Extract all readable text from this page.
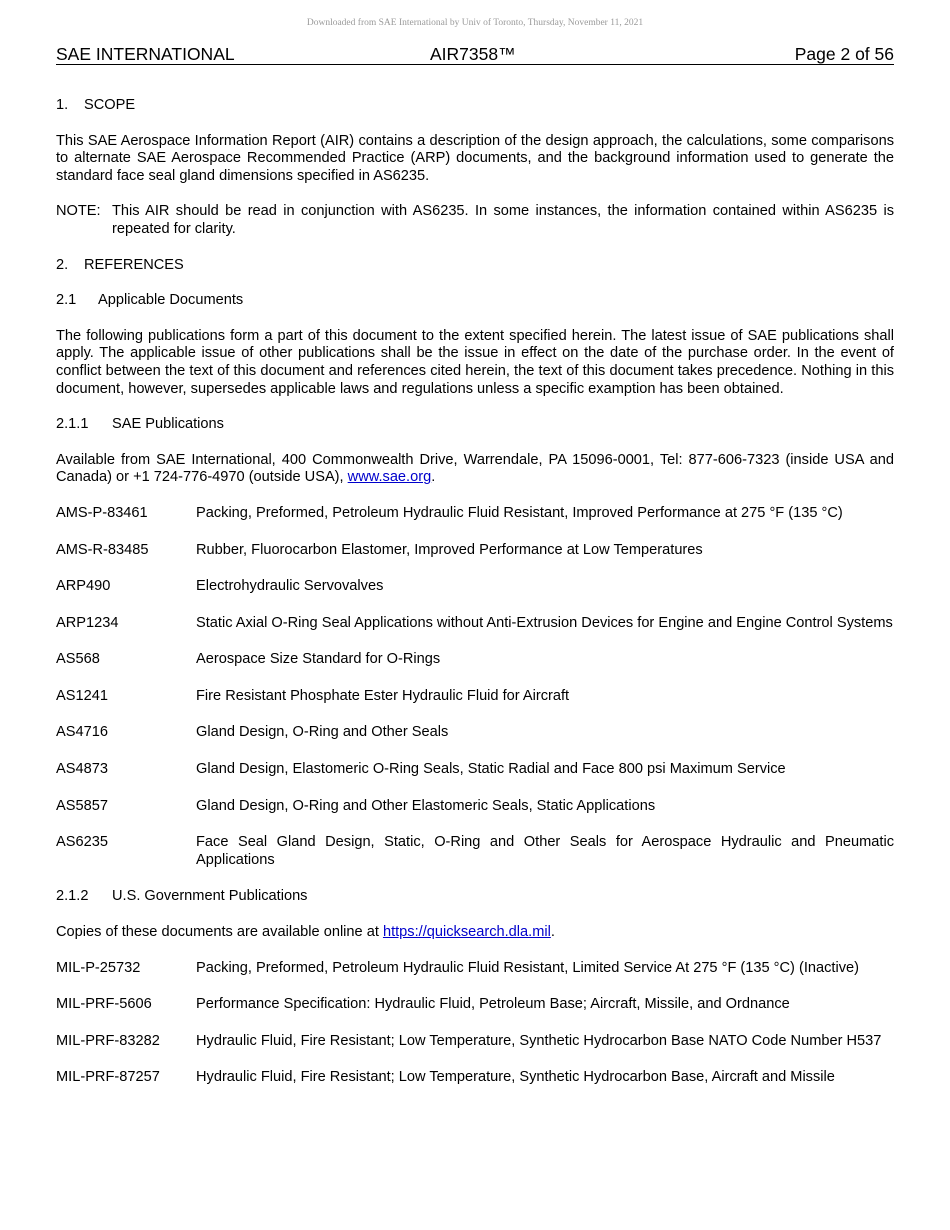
Downloaded from SAE International by Univ of Toronto, Thursday, November 11, 2021
SAE INTERNATIONAL	AIR7358™	Page 2 of 56
1. SCOPE

This SAE Aerospace Information Report (AIR) contains a description of the design approach, the calculations, some comparisons to alternate SAE Aerospace Recommended Practice (ARP) documents, and the background information used to generate the standard face seal gland dimensions specified in AS6235.

NOTE: This AIR should be read in conjunction with AS6235. In some instances, the information contained within AS6235 is repeated for clarity.
2. REFERENCES
2.1 Applicable Documents

The following publications form a part of this document to the extent specified herein. The latest issue of SAE publications shall apply. The applicable issue of other publications shall be the issue in effect on the date of the purchase order. In the event of conflict between the text of this document and references cited herein, the text of this document takes precedence. Nothing in this document, however, supersedes applicable laws and regulations unless a specific examption has been obtained.

2.1.1 SAE Publications

Available from SAE International, 400 Commonwealth Drive, Warrendale, PA 15096-0001, Tel: 877-606-7323 (inside USA and Canada) or +1 724-776-4970 (outside USA), www.sae.org.

AMS-P-83461	Packing, Preformed, Petroleum Hydraulic Fluid Resistant, Improved Performance at 275 °F (135 °C)
AMS-R-83485	Rubber, Fluorocarbon Elastomer, Improved Performance at Low Temperatures
ARP490	Electrohydraulic Servovalves
ARP1234	Static Axial O-Ring Seal Applications without Anti-Extrusion Devices for Engine and Engine Control Systems
AS568	Aerospace Size Standard for O-Rings
AS1241	Fire Resistant Phosphate Ester Hydraulic Fluid for Aircraft
AS4716	Gland Design, O-Ring and Other Seals
AS4873	Gland Design, Elastomeric O-Ring Seals, Static Radial and Face 800 psi Maximum Service
AS5857	Gland Design, O-Ring and Other Elastomeric Seals, Static Applications
AS6235	Face Seal Gland Design, Static, O-Ring and Other Seals for Aerospace Hydraulic and Pneumatic Applications
2.1.2 U.S. Government Publications

Copies of these documents are available online at https://quicksearch.dla.mil.

MIL-P-25732	Packing, Preformed, Petroleum Hydraulic Fluid Resistant, Limited Service At 275 °F (135 °C) (Inactive)
MIL-PRF-5606	Performance Specification: Hydraulic Fluid, Petroleum Base; Aircraft, Missile, and Ordnance
MIL-PRF-83282	Hydraulic Fluid, Fire Resistant; Low Temperature, Synthetic Hydrocarbon Base NATO Code Number H537
MIL-PRF-87257	Hydraulic Fluid, Fire Resistant; Low Temperature, Synthetic Hydrocarbon Base, Aircraft and Missile
